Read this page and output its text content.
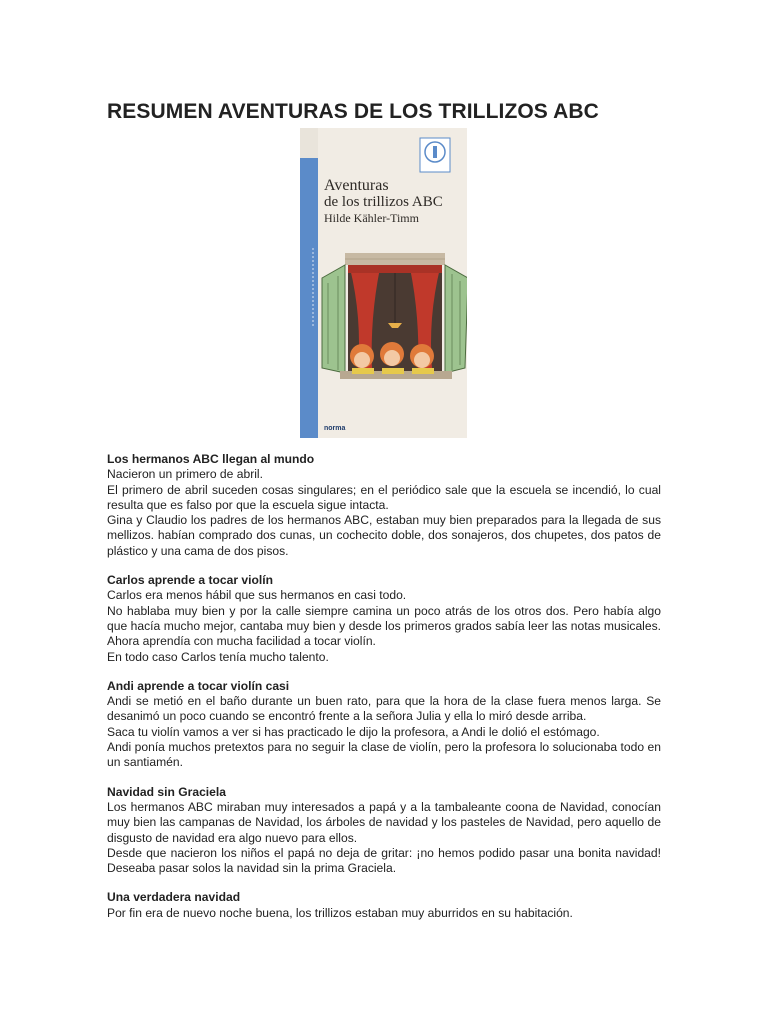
RESUMEN AVENTURAS DE LOS TRILLIZOS ABC
Aventuras
de los trillizos ABC
Hilde Kähler-Timm
norma
Los hermanos ABC llegan al mundo

Nacieron un primero de abril.

El primero de abril suceden cosas singulares; en el periódico sale que la escuela se incendió, lo cual resulta que es falso por que la escuela sigue intacta.

Gina y Claudio los padres de los hermanos ABC, estaban muy bien preparados para la llegada de sus mellizos. habían comprado dos cunas, un cochecito doble, dos sonajeros, dos chupetes, dos patos de plástico y una cama de dos pisos.

Carlos aprende a tocar violín

Carlos era menos hábil que sus hermanos en casi todo.

No hablaba muy bien y por la calle siempre camina un poco atrás de los otros dos. Pero había algo que hacía mucho mejor, cantaba muy bien y desde los primeros grados sabía leer las notas musicales. Ahora aprendía con mucha facilidad a tocar violín.

En todo caso Carlos tenía mucho talento.

Andi aprende a tocar violín casi

Andi se metió en el baño durante un buen rato, para que la hora de la clase fuera menos larga. Se desanimó un poco cuando se encontró frente a la señora Julia y ella lo miró desde arriba.

Saca tu violín vamos a ver si has practicado le dijo la profesora, a Andi le dolió el estómago.

Andi ponía muchos pretextos para no seguir la clase de violín, pero la profesora lo solucionaba todo en un santiamén.

Navidad sin Graciela

Los hermanos ABC miraban muy interesados a papá y a la tambaleante coona de Navidad, conocían muy bien las campanas de Navidad, los árboles de navidad y los pasteles de Navidad, pero aquello de disgusto de navidad era algo nuevo para ellos.

Desde que nacieron los niños el papá no deja de gritar: ¡no hemos podido pasar una bonita navidad! Deseaba pasar solos la navidad sin la prima Graciela.

Una verdadera navidad

Por fin era de nuevo noche buena, los trillizos estaban muy aburridos en su habitación.
